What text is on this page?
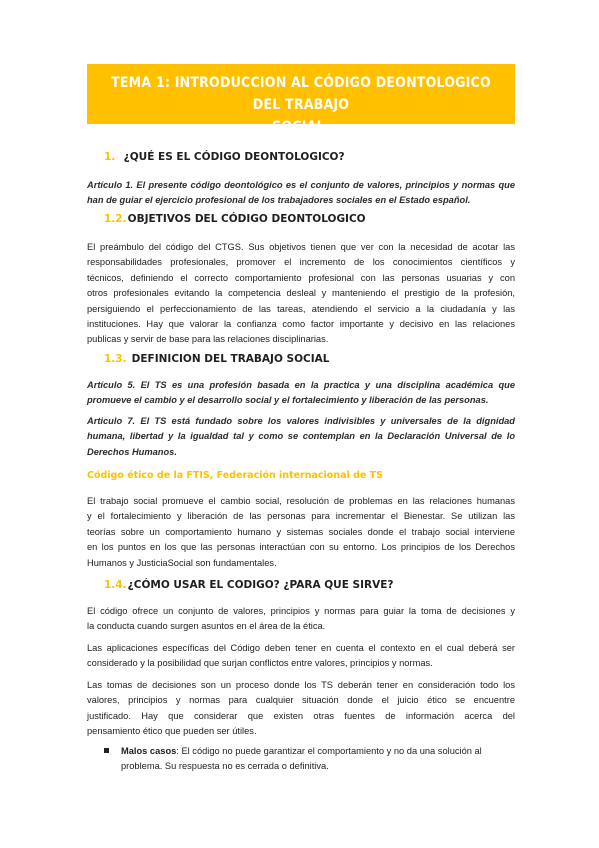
TEMA 1: INTRODUCCION AL CÓDIGO DEONTOLOGICO DEL TRABAJO
SOCIAL.
1. ¿QUÉ ES EL CÓDIGO DEONTOLOGICO?
Artículo 1. El presente código deontológico es el conjunto de valores, principios y normas que
han de guiar el ejercicio profesional de los trabajadores sociales en el Estado español.
1.2. OBJETIVOS DEL CÓDIGO DEONTOLOGICO
El preámbulo del código del CTGS. Sus objetivos tienen que ver con la necesidad de acotar las
responsabilidades profesionales, promover el incremento de los conocimientos científicos y
técnicos, definiendo el correcto comportamiento profesional con las personas usuarias y con
otros profesionales evitando la competencia desleal y manteniendo el prestigio de la profesión,
persiguiendo el perfeccionamiento de las tareas, atendiendo el servicio a la ciudadanía y las
instituciones. Hay que valorar la confianza como factor importante y decisivo en las relaciones
publicas y servir de base para las relaciones disciplinarias.
1.3. DEFINICION DEL TRABAJO SOCIAL
Artículo 5. El TS es una profesión basada en la practica y una disciplina académica que
promueve el cambio y el desarrollo social y el fortalecimiento y liberación de las personas.
Articulo 7. El TS está fundado sobre los valores indivisibles y universales de la dignidad
humana, libertad y la igualdad tal y como se contemplan en la Declaración Universal de lo
Derechos Humanos.
Código ético de la FTIS, Federación internacional de TS
El trabajo social promueve el cambio social, resolución de problemas en las relaciones humanas
y el fortalecimiento y liberación de las personas para incrementar el Bienestar. Se utilizan las
teorías sobre un comportamiento humano y sistemas sociales donde el trabajo social interviene
en los puntos en los que las personas interactúan con su entorno. Los principios de los Derechos
Humanos y JusticiaSocial son fundamentales.
1.4. ¿CÓMO USAR EL CODIGO? ¿PARA QUE SIRVE?
El código ofrece un conjunto de valores, principios y normas para guiar la toma de decisiones y
la conducta cuando surgen asuntos en el área de la ética.
Las aplicaciones específicas del Código deben tener en cuenta el contexto en el cual deberá ser
considerado y la posibilidad que surjan conflictos entre valores, principios y normas.
Las tomas de decisiones son un proceso donde los TS deberán tener en consideración todo los
valores, principios y normas para cualquier situación donde el juicio ético se encuentre
justificado. Hay que considerar que existen otras fuentes de información acerca del
pensamiento ético que pueden ser útiles.
Malos casos: El código no puede garantizar el comportamiento y no da una solución al
problema. Su respuesta no es cerrada o definitiva.
